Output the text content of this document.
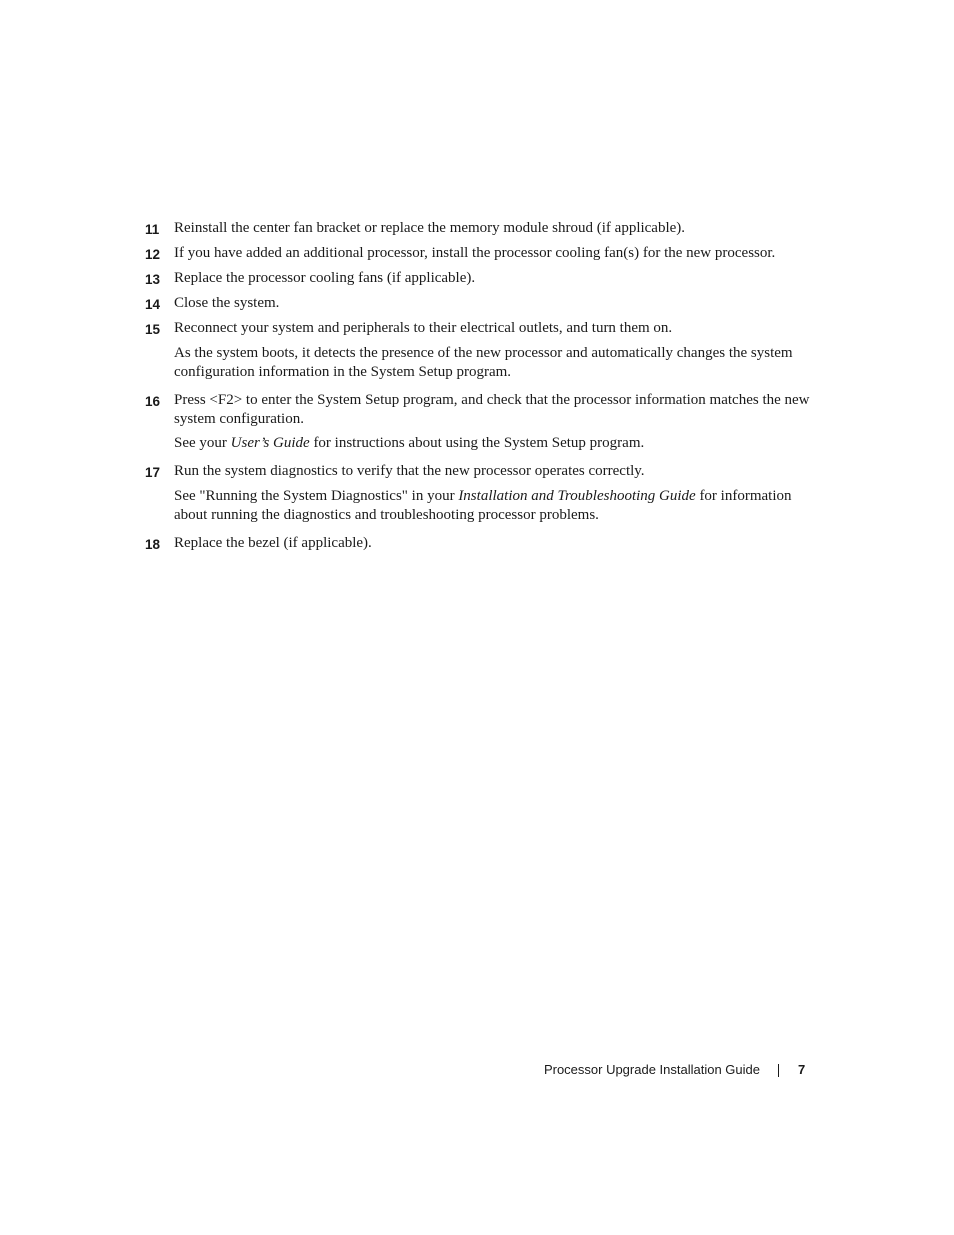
11 Reinstall the center fan bracket or replace the memory module shroud (if applicable).
12 If you have added an additional processor, install the processor cooling fan(s) for the new processor.
13 Replace the processor cooling fans (if applicable).
14 Close the system.
15 Reconnect your system and peripherals to their electrical outlets, and turn them on.
As the system boots, it detects the presence of the new processor and automatically changes the system configuration information in the System Setup program.
16 Press <F2> to enter the System Setup program, and check that the processor information matches the new system configuration.
See your User’s Guide for instructions about using the System Setup program.
17 Run the system diagnostics to verify that the new processor operates correctly.
See "Running the System Diagnostics" in your Installation and Troubleshooting Guide for information about running the diagnostics and troubleshooting processor problems.
18 Replace the bezel (if applicable).
Processor Upgrade Installation Guide	7
